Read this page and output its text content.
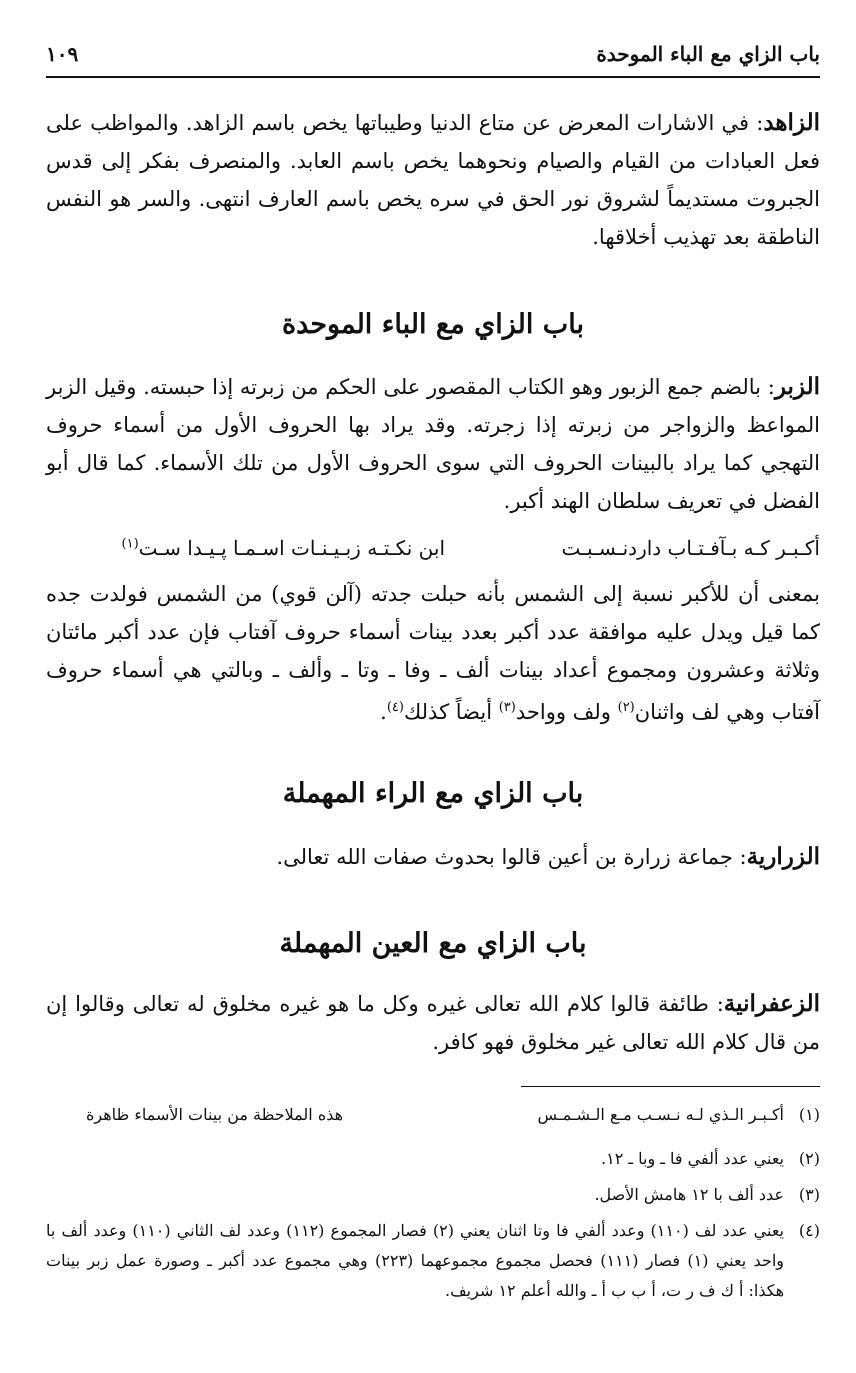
باب الزاي مع الباء الموحدة
١٠٩
الزاهد: في الاشارات المعرض عن متاع الدنيا وطيباتها يخص باسم الزاهد. والمواظب على فعل العبادات من القيام والصيام ونحوهما يخص باسم العابد. والمنصرف بفكر إلى قدس الجبروت مستديماً لشروق نور الحق في سره يخص باسم العارف انتهى. والسر هو النفس الناطقة بعد تهذيب أخلاقها.
باب الزاي مع الباء الموحدة
الزبر: بالضم جمع الزبور وهو الكتاب المقصور على الحكم من زبرته إذا حبسته. وقيل الزبر المواعظ والزواجر من زبرته إذا زجرته. وقد يراد بها الحروف الأول من أسماء حروف التهجي كما يراد بالبينات الحروف التي سوى الحروف الأول من تلك الأسماء. كما قال أبو الفضل في تعريف سلطان الهند أكبر.
أكـبـر كـه بـآفـتـاب داردنـسـبـت
ابن نكـتـه زبـيـنـات اسـمـا پـيـدا سـت$^{(١)}$
بمعنى أن للأكبر نسبة إلى الشمس بأنه حبلت جدته (آلن قوي) من الشمس فولدت جده كما قيل ويدل عليه موافقة عدد أكبر بعدد بينات أسماء حروف آفتاب فإن عدد أكبر مائتان وثلاثة وعشرون ومجموع أعداد بينات ألف ـ وفا ـ وتا ـ وألف ـ وبالتي هي أسماء حروف آفتاب وهي لف واثنان$^{(٢)}$ ولف وواحد$^{(٣)}$ أيضاً كذلك$^{(٤)}$.
باب الزاي مع الراء المهملة
الزرارية: جماعة زرارة بن أعين قالوا بحدوث صفات الله تعالى.
باب الزاي مع العين المهملة
الزعفرانية: طائفة قالوا كلام الله تعالى غيره وكل ما هو غيره مخلوق له تعالى وقالوا إن من قال كلام الله تعالى غير مخلوق فهو كافر.
(١)
أكـبـر الـذي لـه نـسـب مـع الـشـمـس
هذه الملاحظة من بينات الأسماء ظاهرة
(٢)
يعني عدد ألفي فا ـ وبا ـ ١٢.
(٣)
عدد ألف با ١٢ هامش الأصل.
(٤)
يعني عدد لف (١١٠) وعدد ألفي فا وتا اثنان يعني (٢) فصار المجموع (١١٢) وعدد لف الثاني (١١٠) وعدد ألف با واحد يعني (١) فصار (١١١) فحصل مجموع مجموعهما (٢٢٣) وهي مجموع عدد أكبر ـ وصورة عمل زبر بينات هكذا: أ ك ف ر ت، أ ب ب أ ـ والله أعلم ١٢ شريف.
